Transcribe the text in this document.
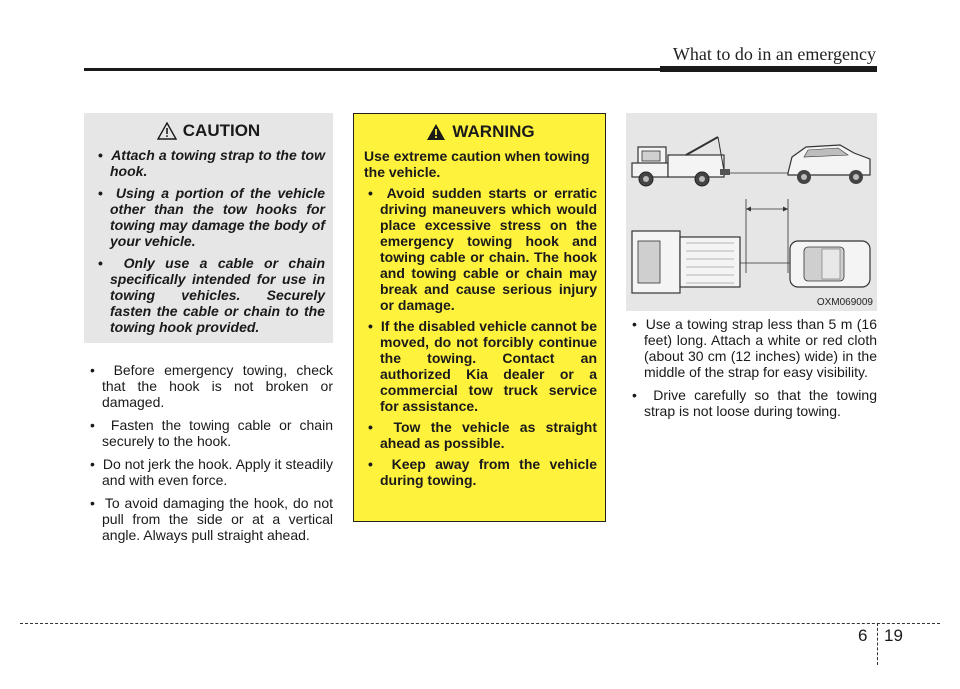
What to do in an emergency
CAUTION
•  Attach a towing strap to the tow hook.
•  Using a portion of the vehicle other than the tow hooks for towing may damage the body of your vehicle.
•  Only use a cable or chain specifically intended for use in towing vehicles. Securely fasten the cable or chain to the towing hook provided.
•  Before emergency towing, check that the hook is not broken or damaged.
•  Fasten the towing cable or chain securely to the hook.
•  Do not jerk the hook. Apply it steadily and with even force.
•  To avoid damaging the hook, do not pull from the side or at a vertical angle. Always pull straight ahead.
WARNING

Use extreme caution when towing the vehicle.

•  Avoid sudden starts or erratic driving maneuvers which would place excessive stress on the emergency towing hook and towing cable or chain. The hook and towing cable or chain may break and cause serious injury or damage.
•  If the disabled vehicle cannot be moved, do not forcibly continue the towing. Contact an authorized Kia dealer or a commercial tow truck service for assistance.
•  Tow the vehicle as straight ahead as possible.
•  Keep away from the vehicle during towing.
OXM069009
•  Use a towing strap less than 5 m (16 feet) long. Attach a white or red cloth (about 30 cm (12 inches) wide) in the middle of the strap for easy visibility.
•  Drive carefully so that the towing strap is not loose during towing.
6 19
